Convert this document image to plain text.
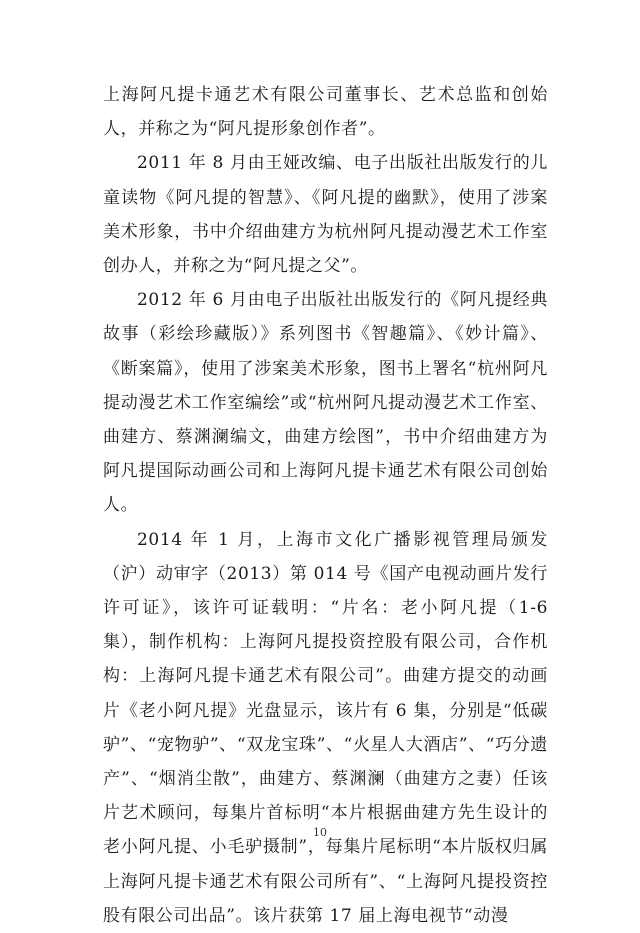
上海阿凡提卡通艺术有限公司董事长、艺术总监和创始人，并称之为“阿凡提形象创作者”。

2011 年 8 月由王娅改编、电子出版社出版发行的儿童读物《阿凡提的智慧》、《阿凡提的幽默》，使用了涉案美术形象，书中介绍曲建方为杭州阿凡提动漫艺术工作室创办人，并称之为“阿凡提之父”。

2012 年 6 月由电子出版社出版发行的《阿凡提经典故事（彩绘珍藏版）》系列图书《智趣篇》、《妙计篇》、《断案篇》，使用了涉案美术形象，图书上署名“杭州阿凡提动漫艺术工作室编绘”或“杭州阿凡提动漫艺术工作室、曲建方、蔡渊澜编文，曲建方绘图”，书中介绍曲建方为阿凡提国际动画公司和上海阿凡提卡通艺术有限公司创始人。

2014 年 1 月，上海市文化广播影视管理局颁发（沪）动审字（2013）第 014 号《国产电视动画片发行许可证》，该许可证载明：“片名：老小阿凡提（1-6 集），制作机构：上海阿凡提投资控股有限公司，合作机构：上海阿凡提卡通艺术有限公司”。曲建方提交的动画片《老小阿凡提》光盘显示，该片有 6 集，分别是“低碳驴”、“宠物驴”、“双龙宝珠”、“火星人大酒店”、“巧分遗产”、“烟消尘散”，曲建方、蔡渊澜（曲建方之妻）任该片艺术顾问，每集片首标明“本片根据曲建方先生设计的老小阿凡提、小毛驴摄制”，每集片尾标明“本片版权归属上海阿凡提卡通艺术有限公司所有”、“上海阿凡提投资控股有限公司出品”。该片获第 17 届上海电视节“动漫

10
